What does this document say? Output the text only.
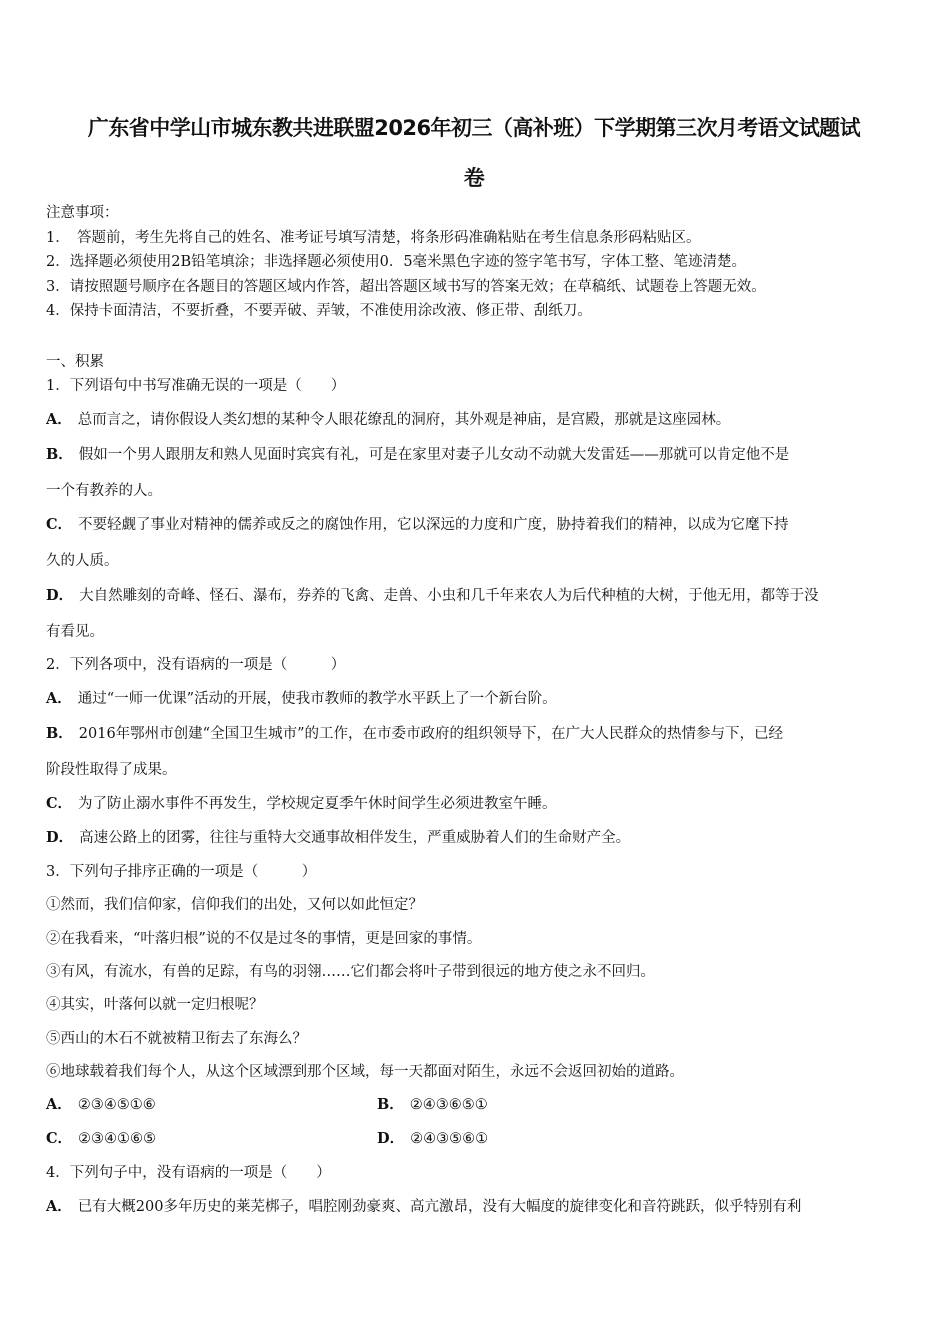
广东省中学山市城东教共进联盟2026年初三（高补班）下学期第三次月考语文试题试
卷
注意事项：
1．　答题前，考生先将自己的姓名、准考证号填写清楚，将条形码准确粘贴在考生信息条形码粘贴区。
2．选择题必须使用2B铅笔填涂；非选择题必须使用0．5毫米黑色字迹的签字笔书写，字体工整、笔迹清楚。
3．请按照题号顺序在各题目的答题区域内作答，超出答题区域书写的答案无效；在草稿纸、试题卷上答题无效。
4．保持卡面清洁，不要折叠，不要弄破、弄皱，不准使用涂改液、修正带、刮纸刀。
一、积累
1．下列语句中书写准确无误的一项是（　　）
A． 总而言之，请你假设人类幻想的某种令人眼花缭乱的洞府，其外观是神庙，是宫殿，那就是这座园林。
B． 假如一个男人跟朋友和熟人见面时宾宾有礼，可是在家里对妻子儿女动不动就大发雷廷——那就可以肯定他不是
一个有教养的人。
C． 不要轻觑了事业对精神的儒养或反之的腐蚀作用，它以深远的力度和广度，胁持着我们的精神，以成为它麾下持
久的人质。
D． 大自然雕刻的奇峰、怪石、瀑布，券养的飞禽、走兽、小虫和几千年来农人为后代种植的大树，于他无用，都等于没
有看见。
2．下列各项中，没有语病的一项是（　　　）
A． 通过“一师一优课”活动的开展，使我市教师的教学水平跃上了一个新台阶。
B． 2016年鄂州市创建“全国卫生城市”的工作，在市委市政府的组织领导下，在广大人民群众的热情参与下，已经
阶段性取得了成果。
C． 为了防止溺水事件不再发生，学校规定夏季午休时间学生必须进教室午睡。
D． 高速公路上的团雾，往往与重特大交通事故相伴发生，严重威胁着人们的生命财产全。
3．下列句子排序正确的一项是（　　　）
①然而，我们信仰家，信仰我们的出处，又何以如此恒定？
②在我看来，“叶落归根”说的不仅是过冬的事情，更是回家的事情。
③有风，有流水，有兽的足踪，有鸟的羽翎……它们都会将叶子带到很远的地方使之永不回归。
④其实，叶落何以就一定归根呢？
⑤西山的木石不就被精卫衔去了东海么？
⑥地球载着我们每个人，从这个区域漂到那个区域，每一天都面对陌生，永远不会返回初始的道路。
A． ②③④⑤①⑥	B． ②④③⑥⑤①
C． ②③④①⑥⑤	D． ②④③⑤⑥①
4．下列句子中，没有语病的一项是（　　）
A． 已有大概200多年历史的莱芜梆子，唱腔刚劲豪爽、高亢激昂，没有大幅度的旋律变化和音符跳跃，似乎特别有利
